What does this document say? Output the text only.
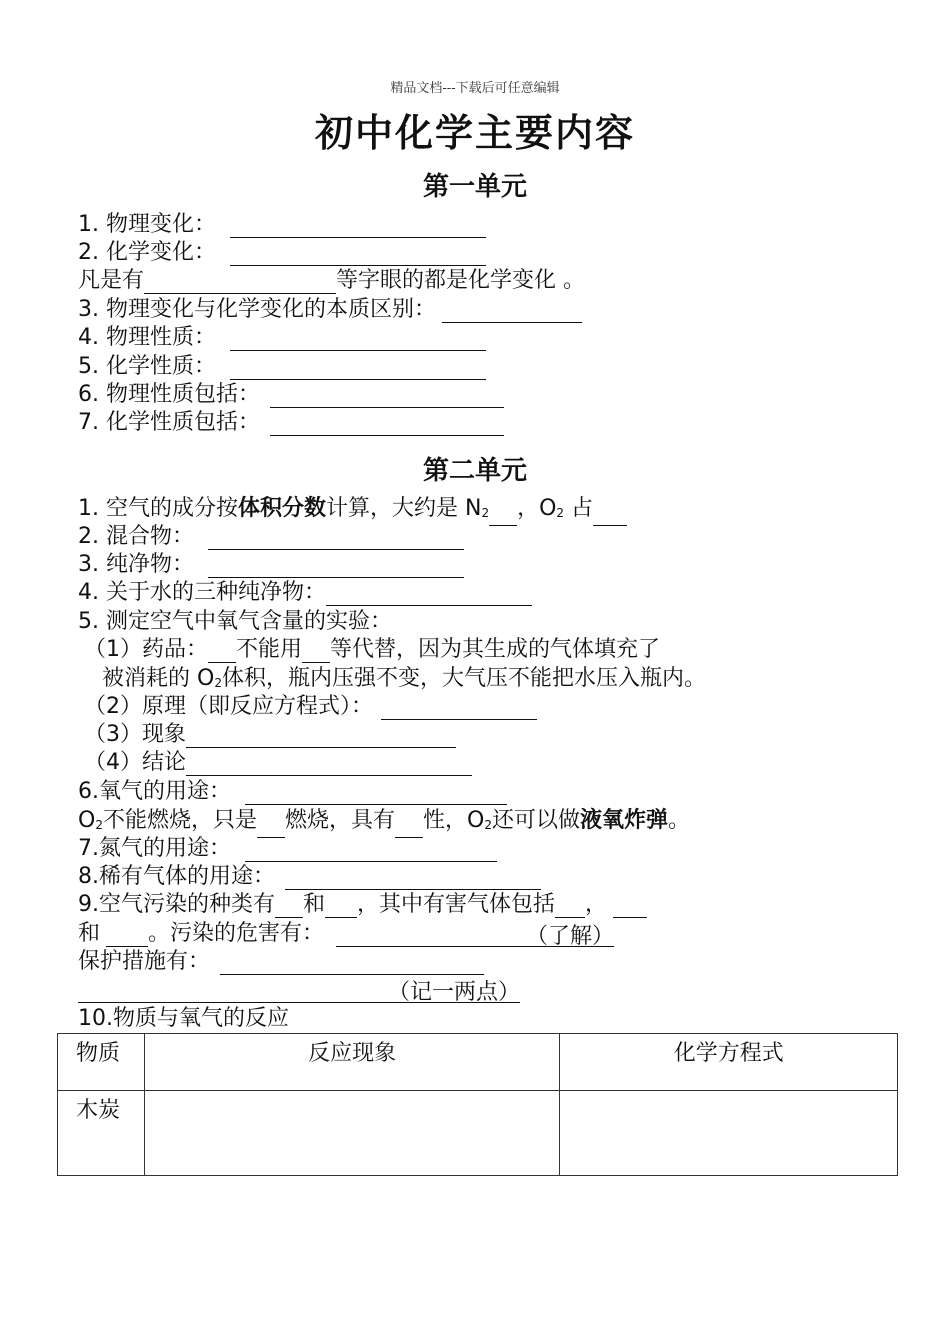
精品文档---下载后可任意编辑
初中化学主要内容
第一单元
1. 物理变化：
2. 化学变化：
凡是有	等字眼的都是化学变化 。
3. 物理变化与化学变化的本质区别：
4. 物理性质：
5. 化学性质：
6. 物理性质包括：
7. 化学性质包括：
第二单元
1. 空气的成分按体积分数计算，大约是 $N_2$ ，$O_2$ 占
2. 混合物：
3. 纯净物：
4. 关于水的三种纯净物：
5. 测定空气中氧气含量的实验：
（1）药品： 不能用 等代替，因为其生成的气体填充了
被消耗的 $O_2$体积，瓶内压强不变，大气压不能把水压入瓶内。
（2）原理（即反应方程式）：
（3）现象
（4）结论
6.氧气的用途：
$O_2$不能燃烧，只是 燃烧，具有 性，$O_2$还可以做液氧炸弹。
7.氮气的用途：
8.稀有气体的用途：
9.空气污染的种类有 和 ，其中有害气体包括 ，
和 。污染的危害有：	（了解）
保护措施有：
（记一两点）
10.物质与氧气的反应
物质	反应现象	化学方程式
木炭		
